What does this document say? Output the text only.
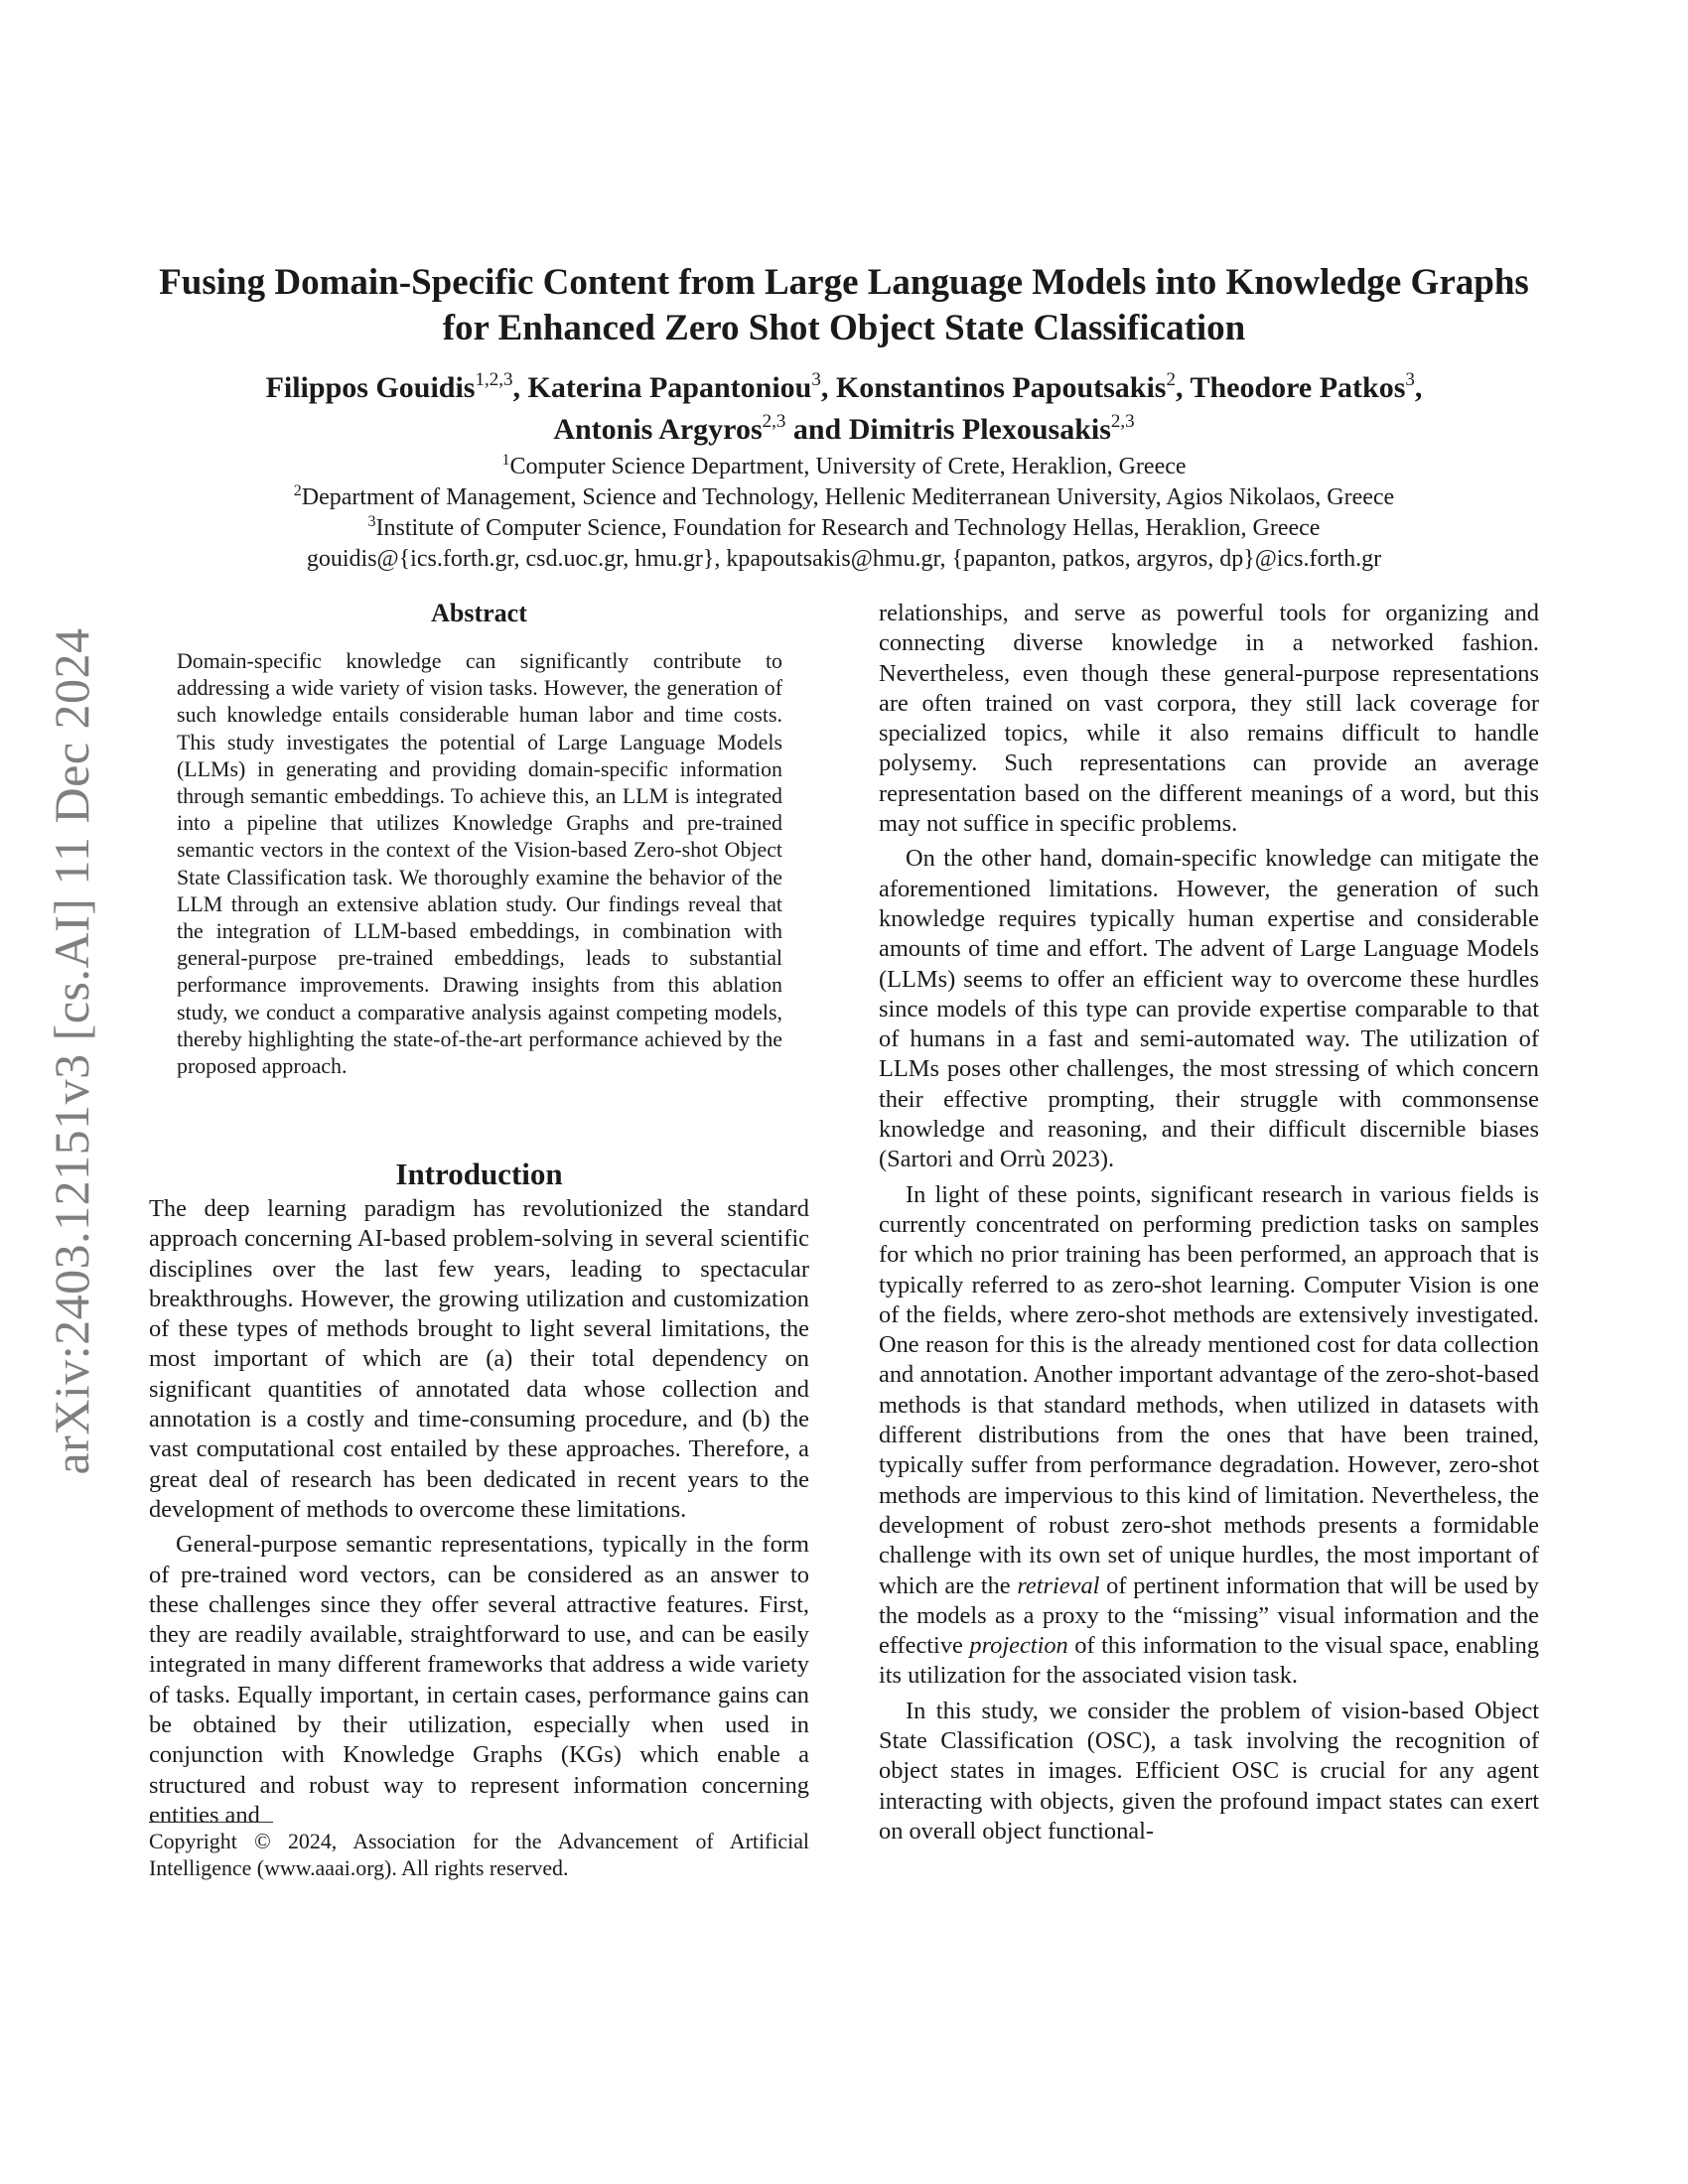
arXiv:2403.12151v3 [cs.AI] 11 Dec 2024
Fusing Domain-Specific Content from Large Language Models into Knowledge Graphs for Enhanced Zero Shot Object State Classification
Filippos Gouidis$^{1,2,3}$, Katerina Papantoniou$^3$, Konstantinos Papoutsakis$^2$, Theodore Patkos$^3$,
Antonis Argyros$^{2,3}$ and Dimitris Plexousakis$^{2,3}$
$^1$Computer Science Department, University of Crete, Heraklion, Greece
$^2$Department of Management, Science and Technology, Hellenic Mediterranean University, Agios Nikolaos, Greece
$^3$Institute of Computer Science, Foundation for Research and Technology Hellas, Heraklion, Greece
gouidis@{ics.forth.gr, csd.uoc.gr, hmu.gr}, kpapoutsakis@hmu.gr, {papanton, patkos, argyros, dp}@ics.forth.gr
Abstract

Domain-specific knowledge can significantly contribute to addressing a wide variety of vision tasks. However, the generation of such knowledge entails considerable human labor and time costs. This study investigates the potential of Large Language Models (LLMs) in generating and providing domain-specific information through semantic embeddings. To achieve this, an LLM is integrated into a pipeline that utilizes Knowledge Graphs and pre-trained semantic vectors in the context of the Vision-based Zero-shot Object State Classification task. We thoroughly examine the behavior of the LLM through an extensive ablation study. Our findings reveal that the integration of LLM-based embeddings, in combination with general-purpose pre-trained embeddings, leads to substantial performance improvements. Drawing insights from this ablation study, we conduct a comparative analysis against competing models, thereby highlighting the state-of-the-art performance achieved by the proposed approach.

Introduction

The deep learning paradigm has revolutionized the standard approach concerning AI-based problem-solving in several scientific disciplines over the last few years, leading to spectacular breakthroughs. However, the growing utilization and customization of these types of methods brought to light several limitations, the most important of which are (a) their total dependency on significant quantities of annotated data whose collection and annotation is a costly and time-consuming procedure, and (b) the vast computational cost entailed by these approaches. Therefore, a great deal of research has been dedicated in recent years to the development of methods to overcome these limitations.

General-purpose semantic representations, typically in the form of pre-trained word vectors, can be considered as an answer to these challenges since they offer several attractive features. First, they are readily available, straightforward to use, and can be easily integrated in many different frameworks that address a wide variety of tasks. Equally important, in certain cases, performance gains can be obtained by their utilization, especially when used in conjunction with Knowledge Graphs (KGs) which enable a structured and robust way to represent information concerning entities and

Copyright © 2024, Association for the Advancement of Artificial Intelligence (www.aaai.org). All rights reserved.

relationships, and serve as powerful tools for organizing and connecting diverse knowledge in a networked fashion. Nevertheless, even though these general-purpose representations are often trained on vast corpora, they still lack coverage for specialized topics, while it also remains difficult to handle polysemy. Such representations can provide an average representation based on the different meanings of a word, but this may not suffice in specific problems.

On the other hand, domain-specific knowledge can mitigate the aforementioned limitations. However, the generation of such knowledge requires typically human expertise and considerable amounts of time and effort. The advent of Large Language Models (LLMs) seems to offer an efficient way to overcome these hurdles since models of this type can provide expertise comparable to that of humans in a fast and semi-automated way. The utilization of LLMs poses other challenges, the most stressing of which concern their effective prompting, their struggle with commonsense knowledge and reasoning, and their difficult discernible biases (Sartori and Orrù 2023).

In light of these points, significant research in various fields is currently concentrated on performing prediction tasks on samples for which no prior training has been performed, an approach that is typically referred to as zero-shot learning. Computer Vision is one of the fields, where zero-shot methods are extensively investigated. One reason for this is the already mentioned cost for data collection and annotation. Another important advantage of the zero-shot-based methods is that standard methods, when utilized in datasets with different distributions from the ones that have been trained, typically suffer from performance degradation. However, zero-shot methods are impervious to this kind of limitation. Nevertheless, the development of robust zero-shot methods presents a formidable challenge with its own set of unique hurdles, the most important of which are the retrieval of pertinent information that will be used by the models as a proxy to the “missing” visual information and the effective projection of this information to the visual space, enabling its utilization for the associated vision task.

In this study, we consider the problem of vision-based Object State Classification (OSC), a task involving the recognition of object states in images. Efficient OSC is crucial for any agent interacting with objects, given the profound impact states can exert on overall object functional-
